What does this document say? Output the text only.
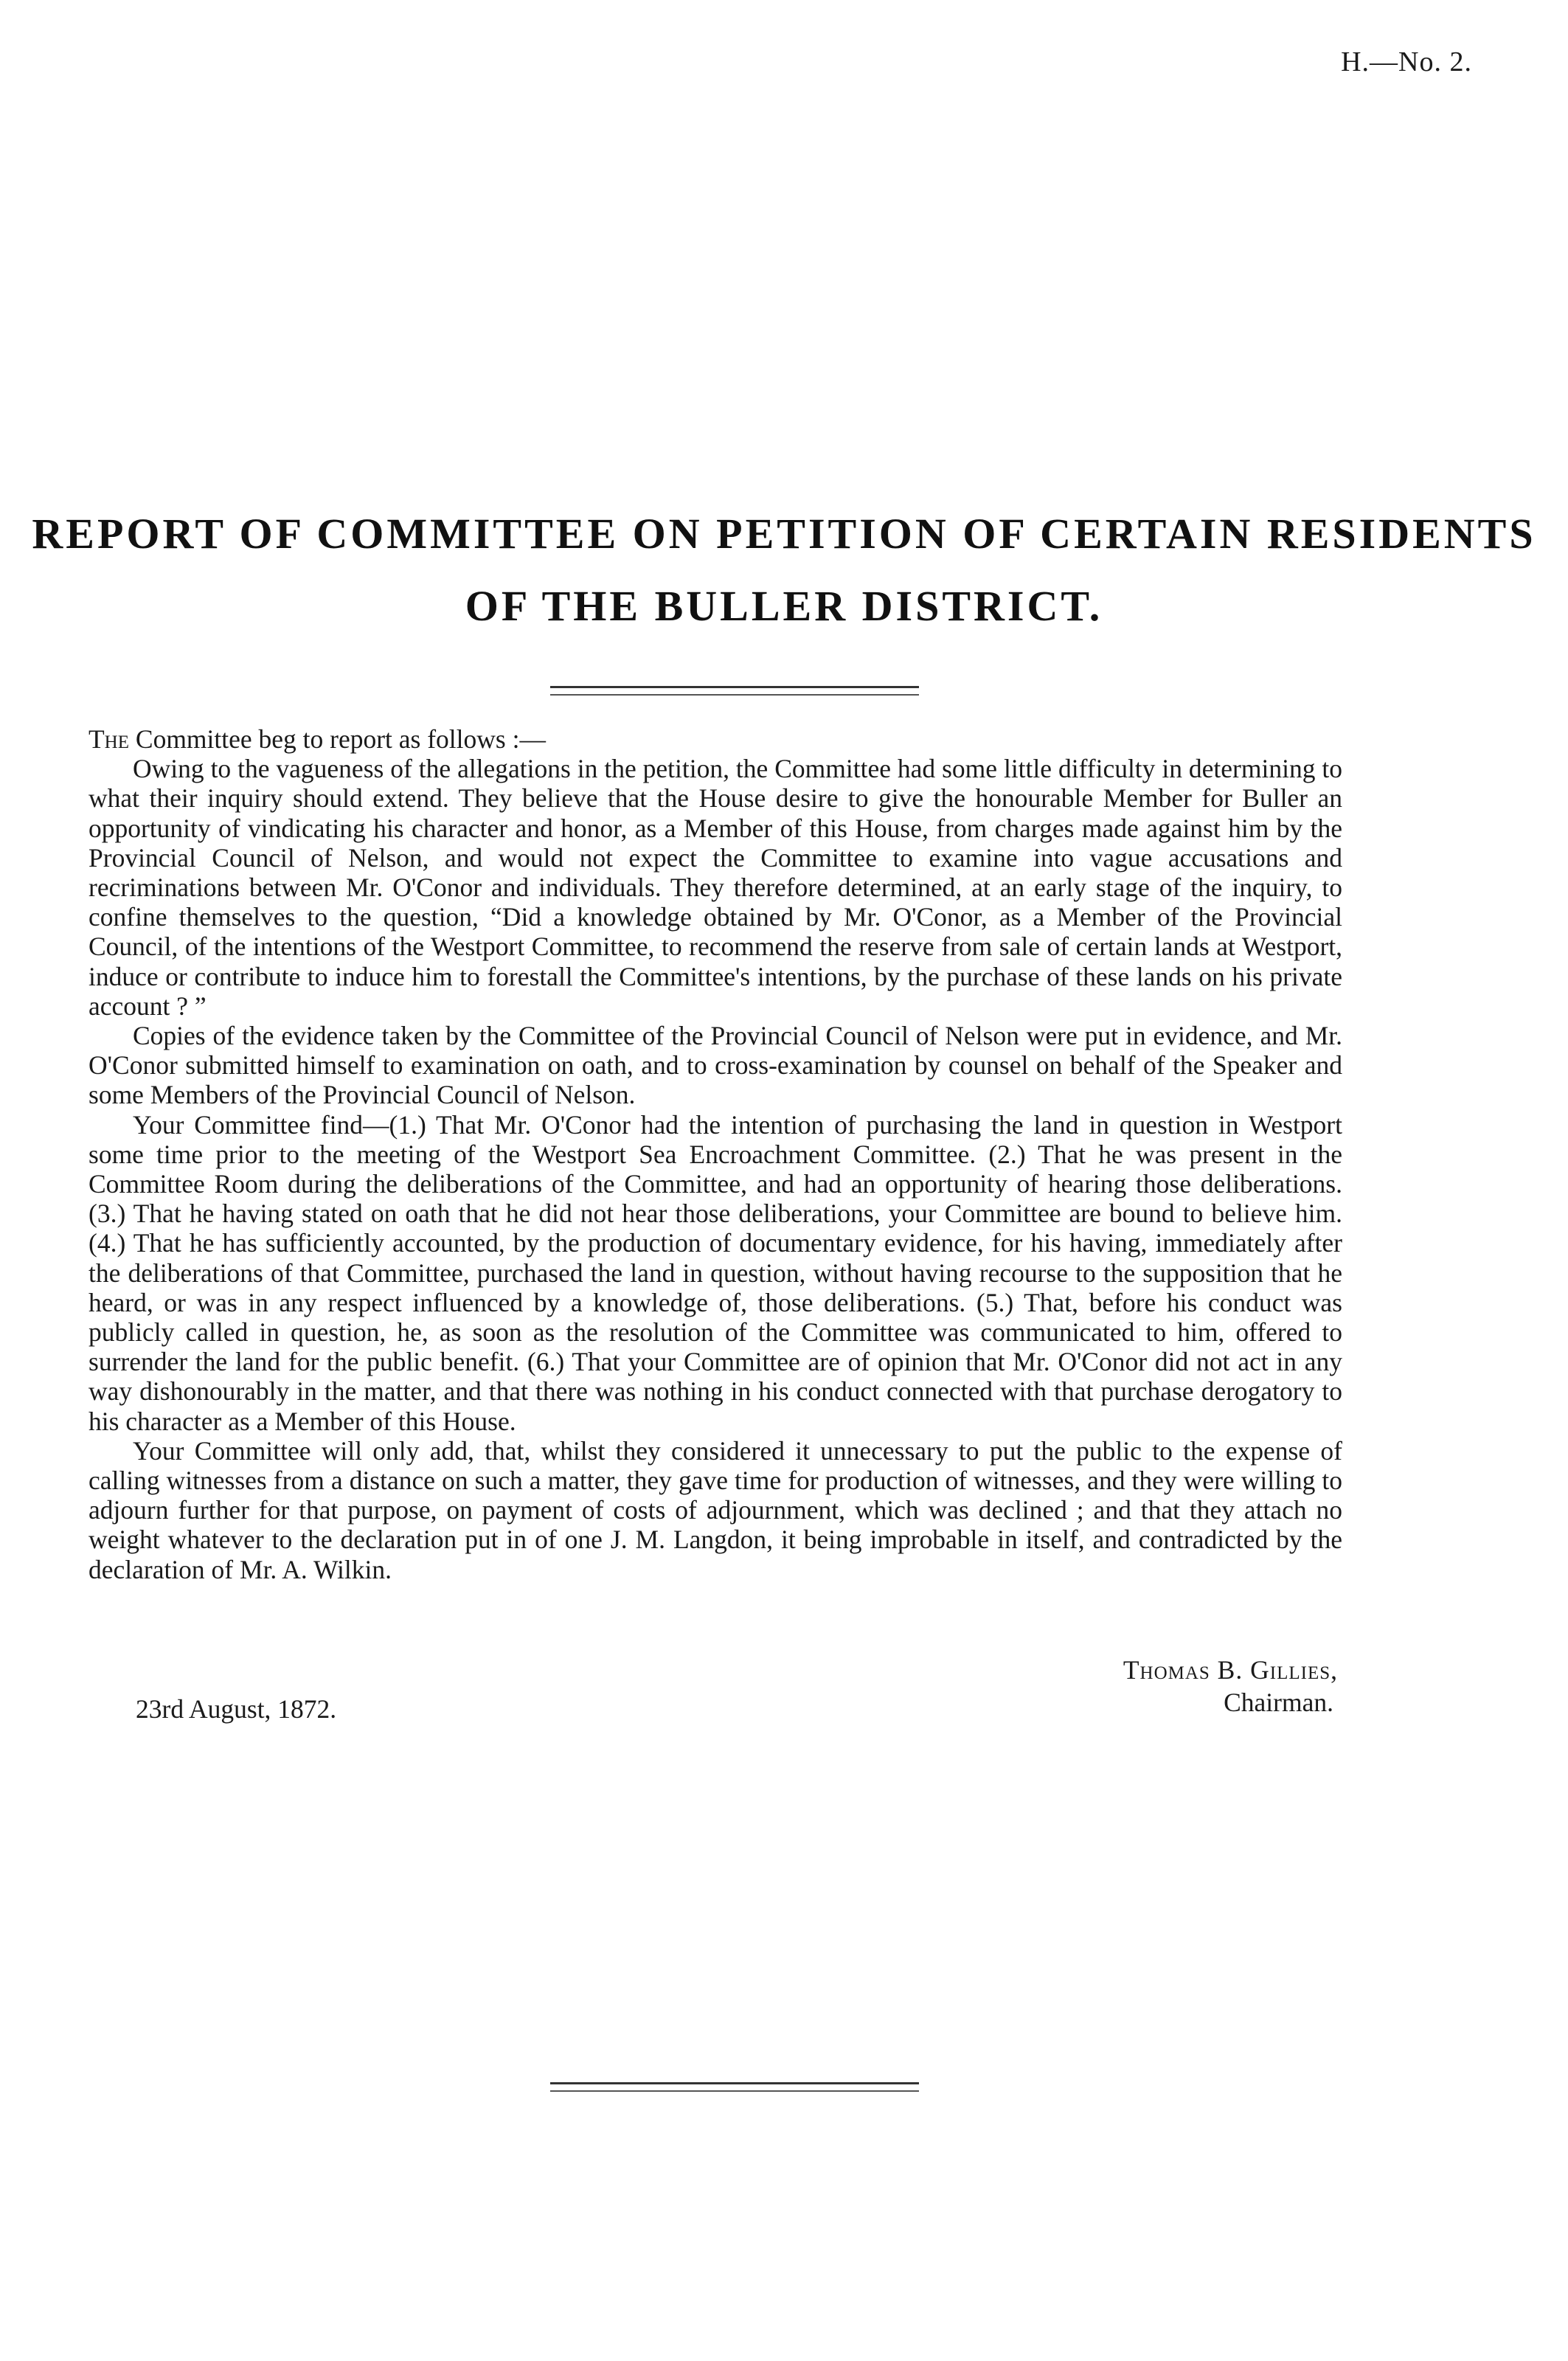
H.—No. 2.
REPORT OF COMMITTEE ON PETITION OF CERTAIN RESIDENTS
OF THE BULLER DISTRICT.

The Committee beg to report as follows :—

Owing to the vagueness of the allegations in the petition, the Committee had some little difficulty in determining to what their inquiry should extend. They believe that the House desire to give the honourable Member for Buller an opportunity of vindicating his character and honor, as a Member of this House, from charges made against him by the Provincial Council of Nelson, and would not expect the Committee to examine into vague accusations and recriminations between Mr. O'Conor and individuals. They therefore determined, at an early stage of the inquiry, to confine themselves to the question, “Did a knowledge obtained by Mr. O'Conor, as a Member of the Provincial Council, of the intentions of the Westport Committee, to recommend the reserve from sale of certain lands at Westport, induce or contribute to induce him to forestall the Committee's intentions, by the purchase of these lands on his private account ? ”

Copies of the evidence taken by the Committee of the Provincial Council of Nelson were put in evidence, and Mr. O'Conor submitted himself to examination on oath, and to cross-examination by counsel on behalf of the Speaker and some Members of the Provincial Council of Nelson.

Your Committee find—(1.) That Mr. O'Conor had the intention of purchasing the land in question in Westport some time prior to the meeting of the Westport Sea Encroachment Committee. (2.) That he was present in the Committee Room during the deliberations of the Committee, and had an opportunity of hearing those deliberations. (3.) That he having stated on oath that he did not hear those deliberations, your Committee are bound to believe him. (4.) That he has sufficiently accounted, by the production of documentary evidence, for his having, immediately after the deliberations of that Committee, purchased the land in question, without having recourse to the supposition that he heard, or was in any respect influenced by a knowledge of, those deliberations. (5.) That, before his conduct was publicly called in question, he, as soon as the resolution of the Committee was communicated to him, offered to surrender the land for the public benefit. (6.) That your Committee are of opinion that Mr. O'Conor did not act in any way dishonourably in the matter, and that there was nothing in his conduct connected with that purchase derogatory to his character as a Member of this House.

Your Committee will only add, that, whilst they considered it unnecessary to put the public to the expense of calling witnesses from a distance on such a matter, they gave time for production of witnesses, and they were willing to adjourn further for that purpose, on payment of costs of adjournment, which was declined ; and that they attach no weight whatever to the declaration put in of one J. M. Langdon, it being improbable in itself, and contradicted by the declaration of Mr. A. Wilkin.

Thomas B. Gillies,
Chairman.
23rd August, 1872.
